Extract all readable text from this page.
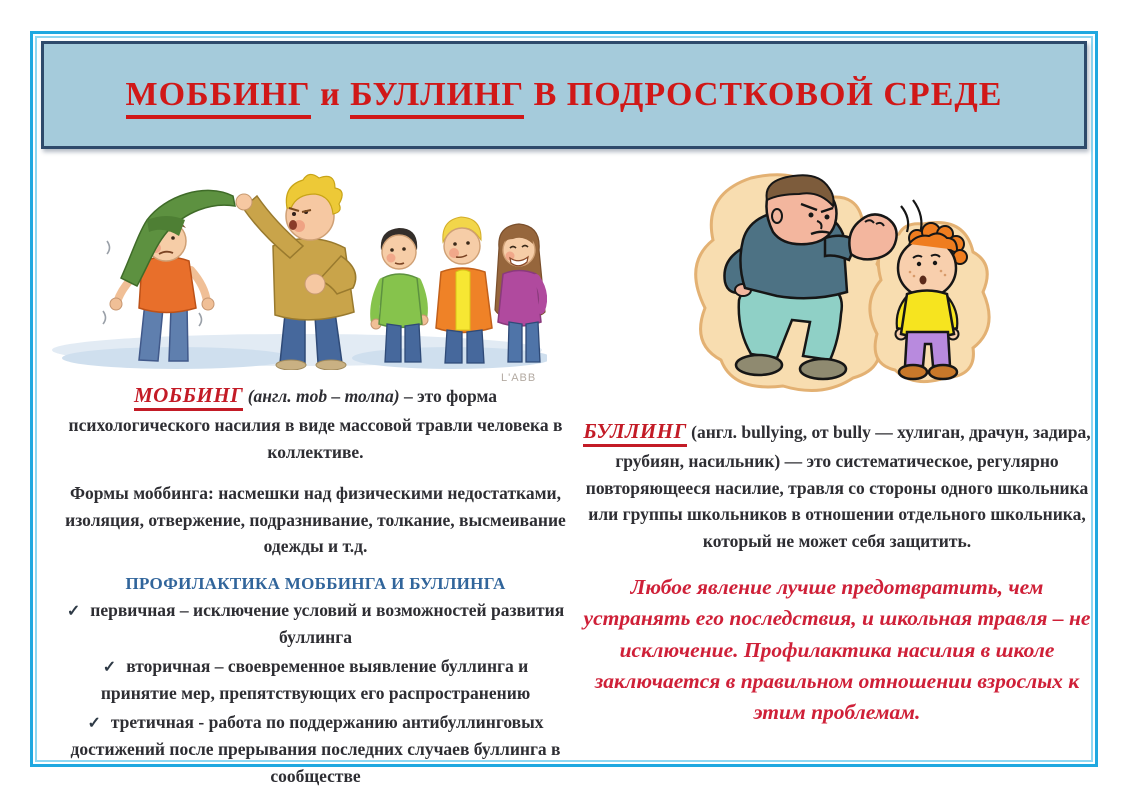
МОББИНГ и БУЛЛИНГ В ПОДРОСТКОВОЙ СРЕДЕ
L'ABB

МОББИНГ (англ. mob – толпа) – это форма психологического насилия в виде массовой травли человека в коллективе.

Формы моббинга: насмешки над физическими недостатками, изоляция, отвержение, подразнивание, толкание, высмеивание одежды и т.д.

ПРОФИЛАКТИКА МОББИНГА И БУЛЛИНГА

✓ первичная – исключение условий и возможностей развития буллинга

✓ вторичная – своевременное выявление буллинга и принятие мер, препятствующих его распространению

✓ третичная - работа по поддержанию антибуллинговых достижений после прерывания последних случаев буллинга в сообществе

БУЛЛИНГ (англ. bullying, от bully — хулиган, драчун, задира, грубиян, насильник) — это систематическое, регулярно повторяющееся насилие, травля со стороны одного школьника или группы школьников в отношении отдельного школьника, который не может себя защитить.

Любое явление лучше предотвратить, чем устранять его последствия, и школьная травля – не исключение. Профилактика насилия в школе заключается в правильном отношении взрослых к этим проблемам.
